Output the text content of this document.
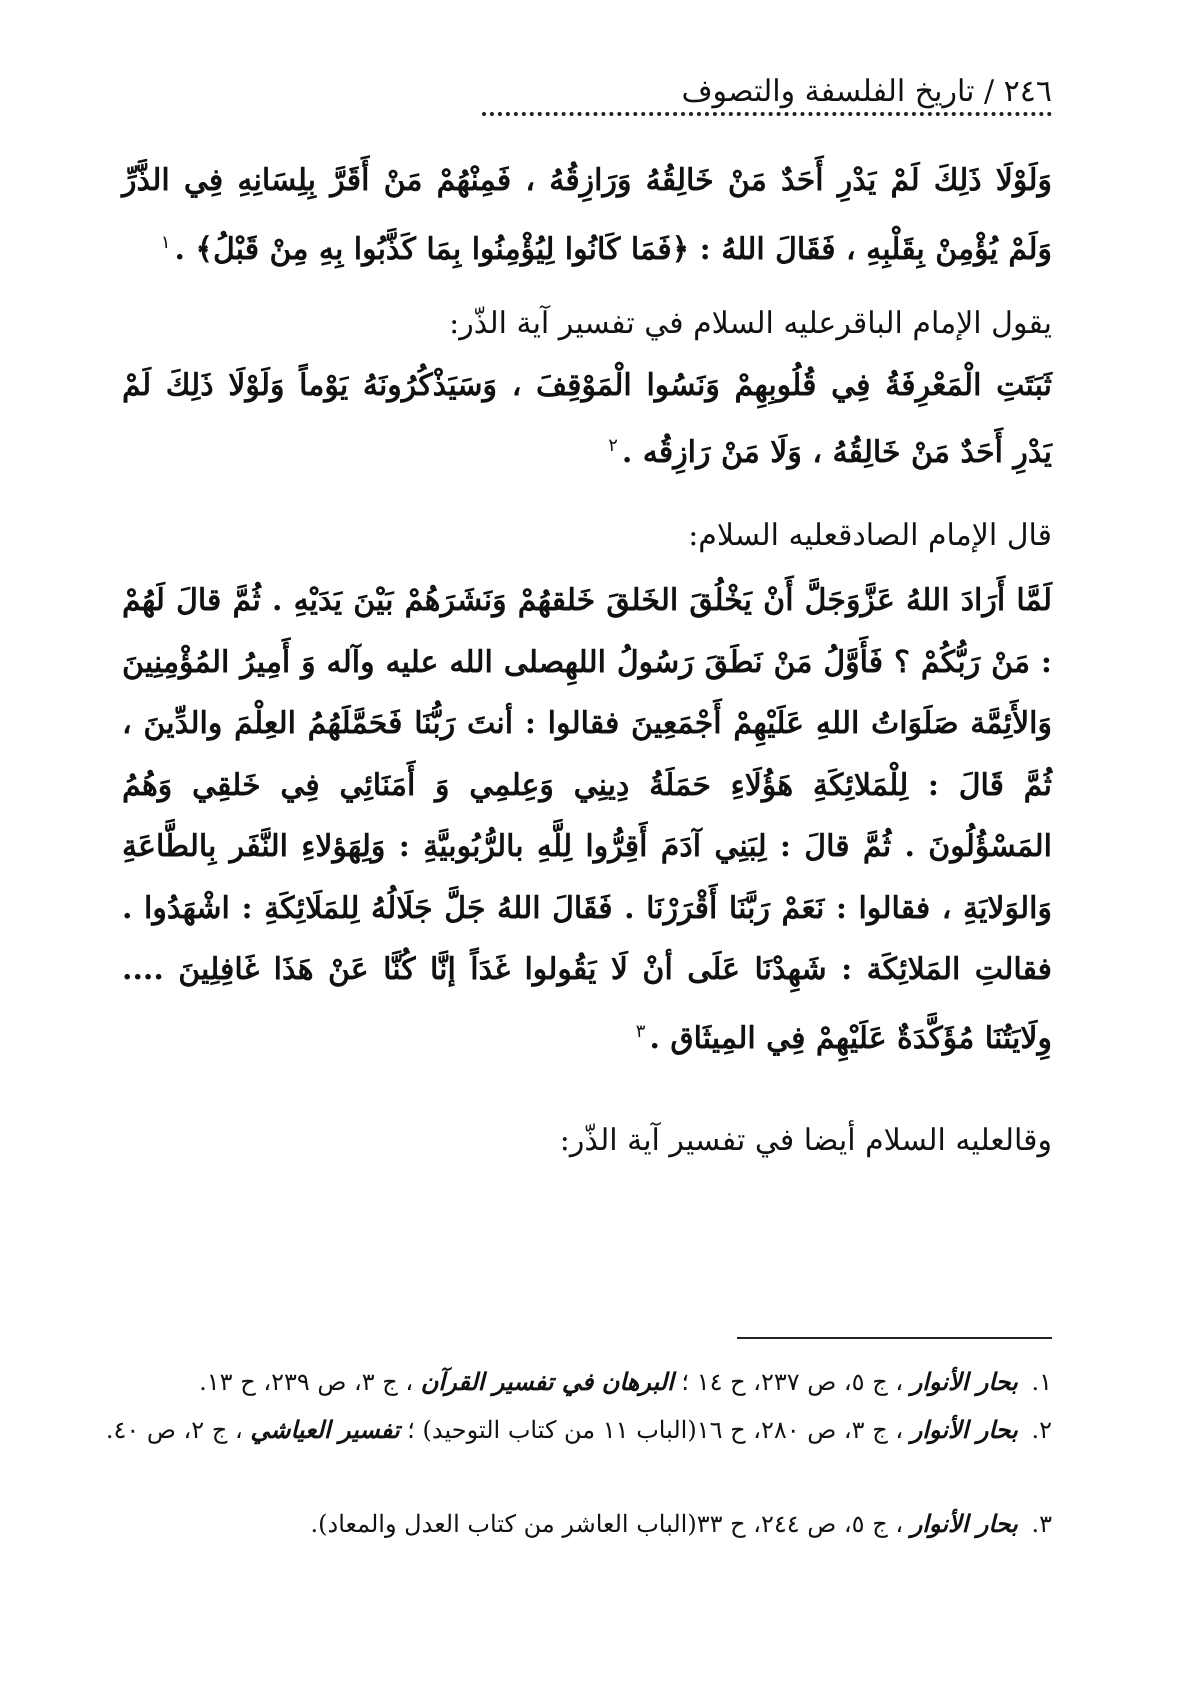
٢٤٦ / تاريخ الفلسفة والتصوف
وَلَوْلَا ذَلِكَ لَمْ يَدْرِ أَحَدٌ مَنْ خَالِقُهُ وَرَازِقُهُ ، فَمِنْهُمْ مَنْ أَقَرَّ بِلِسَانِهِ فِي الذَّرِّ وَلَمْ يُؤْمِنْ بِقَلْبِهِ ، فَقَالَ اللهُ : ﴿فَمَا كَانُوا لِيُؤْمِنُوا بِمَا كَذَّبُوا بِهِ مِنْ قَبْلُ﴾ .$^١$
يقول الإمام الباقرعليه السلام في تفسير آية الذّر:
ثَبَتَتِ الْمَعْرِفَةُ فِي قُلُوبِهِمْ وَنَسُوا الْمَوْقِفَ ، وَسَيَذْكُرُونَهُ يَوْماً وَلَوْلَا ذَلِكَ لَمْ يَدْرِ أَحَدٌ مَنْ خَالِقُهُ ، وَلَا مَنْ رَازِقُه .$^٢$
قال الإمام الصادقعليه السلام:
لَمَّا أَرَادَ اللهُ عَزَّوَجَلَّ أَنْ يَخْلُقَ الخَلقَ خَلقهُمْ وَنَشَرَهُمْ بَيْنَ يَدَيْهِ . ثُمَّ قالَ لَهُمْ : مَنْ رَبُّكُمْ ؟ فَأَوَّلُ مَنْ نَطَقَ رَسُولُ اللهِصلى الله عليه وآله وَ أَمِيرُ المُؤْمِنِينَ وَالأَئِمَّة صَلَوَاتُ اللهِ عَلَيْهِمْ أَجْمَعِينَ فقالوا : أنتَ رَبُّنَا فَحَمَّلَهُمُ العِلْمَ والدِّينَ ، ثُمَّ قَالَ : لِلْمَلائِكَةِ هَؤُلَاءِ حَمَلَةُ دِينِي وَعِلمِي وَ أَمَنَائِي فِي خَلقِي وَهُمُ المَسْؤُلُونَ . ثُمَّ قالَ : لِبَنِي آدَمَ أَقِرُّوا لِلَّهِ بالرُّبُوبيَّةِ : وَلِهَؤلاءِ النَّفَر بِالطَّاعَةِ وَالوَلايَةِ ، فقالوا : نَعَمْ رَبَّنَا أَقْرَرْنَا . فَقَالَ اللهُ جَلَّ جَلَالُهُ لِلمَلَائِكَةِ : اشْهَدُوا . فقالتِ المَلائِكَة : شَهِدْنَا عَلَى أنْ لَا يَقُولوا غَدَاً إنَّا كُنَّا عَنْ هَذَا غَافِلِينَ .... وِلَايَتُنَا مُؤَكَّدَةٌ عَلَيْهِمْ فِي المِيثَاق .$^٣$
وقالعليه السلام أيضا في تفسير آية الذّر:
١. بحار الأنوار ، ج ٥، ص ٢٣٧، ح ١٤ ؛ البرهان في تفسير القرآن ، ج ٣، ص ٢٣٩، ح ١٣.
٢. بحار الأنوار ، ج ٣، ص ٢٨٠، ح ١٦(الباب ١١ من كتاب التوحيد) ؛ تفسير العياشي ، ج ٢، ص ٤٠.
٣. بحار الأنوار ، ج ٥، ص ٢٤٤، ح ٣٣(الباب العاشر من كتاب العدل والمعاد).
